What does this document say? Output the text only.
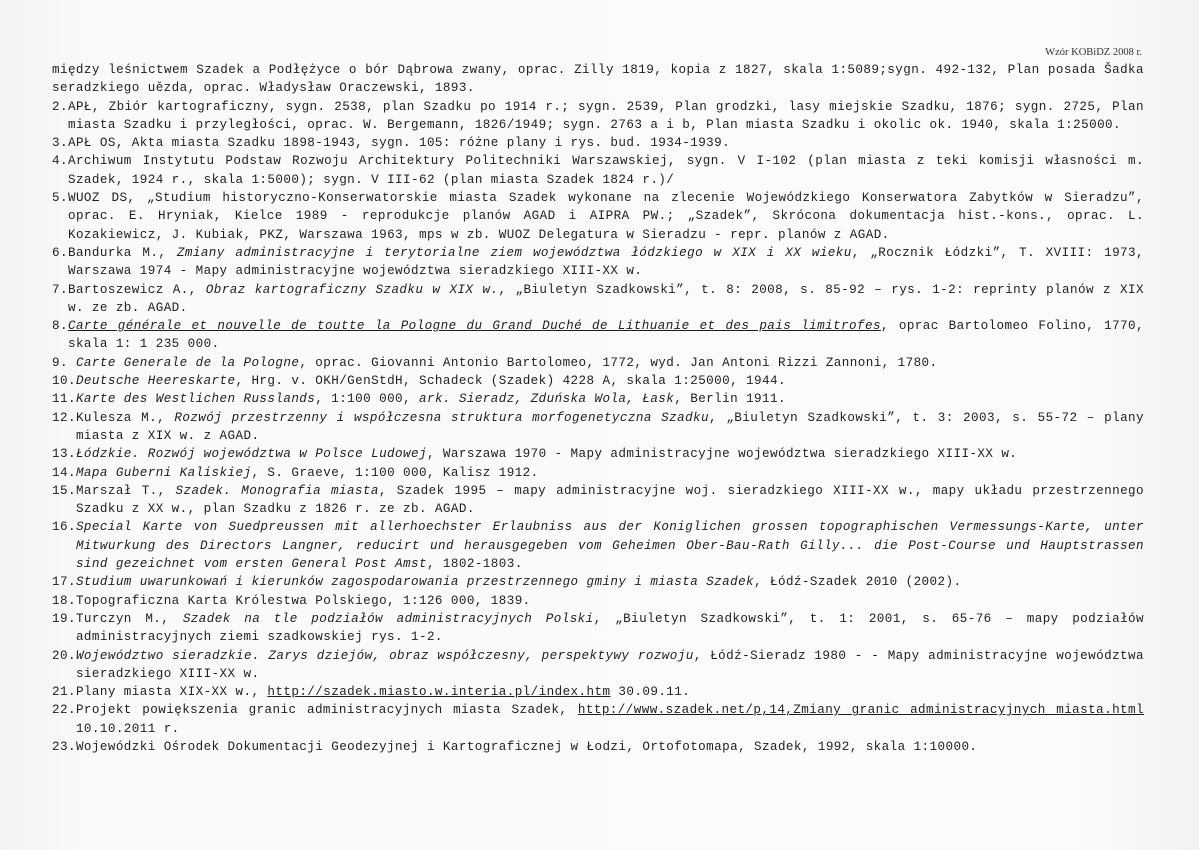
Wzór KOBiDZ 2008 r.
między leśnictwem Szadek a Podłężyce o bór Dąbrowa zwany, oprac. Zilly 1819, kopia z 1827, skala 1:5089;sygn. 492-132, Plan posada Šadka seradzkiego uězda, oprac. Władysław Oraczewski, 1893.
2. APŁ, Zbiór kartograficzny, sygn. 2538, plan Szadku po 1914 r.; sygn. 2539, Plan grodzki, lasy miejskie Szadku, 1876; sygn. 2725, Plan miasta Szadku i przyległości, oprac. W. Bergemann, 1826/1949; sygn. 2763 a i b, Plan miasta Szadku i okolic ok. 1940, skala 1:25000.
3. APŁ OS, Akta miasta Szadku 1898-1943, sygn. 105: różne plany i rys. bud. 1934-1939.
4. Archiwum Instytutu Podstaw Rozwoju Architektury Politechniki Warszawskiej, sygn. V I-102 (plan miasta z teki komisji własności m. Szadek, 1924 r., skala 1:5000); sygn. V III-62 (plan miasta Szadek 1824 r.)/
5. WUOZ DS, „Studium historyczno-Konserwatorskie miasta Szadek wykonane na zlecenie Wojewódzkiego Konserwatora Zabytków w Sieradzu”, oprac. E. Hryniak, Kielce 1989 - reprodukcje planów AGAD i AIPRA PW.; „Szadek”, Skrócona dokumentacja hist.-kons., oprac. L. Kozakiewicz, J. Kubiak, PKZ, Warszawa 1963, mps w zb. WUOZ Delegatura w Sieradzu - repr. planów z AGAD.
6. Bandurka M., Zmiany administracyjne i terytorialne ziem województwa łódzkiego w XIX i XX wieku, „Rocznik Łódzki”, T. XVIII: 1973, Warszawa 1974 - Mapy administracyjne województwa sieradzkiego XIII-XX w.
7. Bartoszewicz A., Obraz kartograficzny Szadku w XIX w., „Biuletyn Szadkowski”, t. 8: 2008, s. 85-92 – rys. 1-2: reprinty planów z XIX w. ze zb. AGAD.
8. Carte générale et nouvelle de toutte la Pologne du Grand Duché de Lithuanie et des pais limitrofes, oprac Bartolomeo Folino, 1770, skala 1: 1 235 000.
9. Carte Generale de la Pologne, oprac. Giovanni Antonio Bartolomeo, 1772, wyd. Jan Antoni Rizzi Zannoni, 1780.
10. Deutsche Heereskarte, Hrg. v. OKH/GenStdH, Schadeck (Szadek) 4228 A, skala 1:25000, 1944.
11. Karte des Westlichen Russlands, 1:100 000, ark. Sieradz, Zduńska Wola, Łask, Berlin 1911.
12. Kulesza M., Rozwój przestrzenny i współczesna struktura morfogenetyczna Szadku, „Biuletyn Szadkowski”, t. 3: 2003, s. 55-72 – plany miasta z XIX w. z AGAD.
13. Łódzkie. Rozwój województwa w Polsce Ludowej, Warszawa 1970 - Mapy administracyjne województwa sieradzkiego XIII-XX w.
14. Mapa Guberni Kaliskiej, S. Graeve, 1:100 000, Kalisz 1912.
15. Marszał T., Szadek. Monografia miasta, Szadek 1995 – mapy administracyjne woj. sieradzkiego XIII-XX w., mapy układu przestrzennego Szadku z XX w., plan Szadku z 1826 r. ze zb. AGAD.
16. Special Karte von Suedpreussen mit allerhoechster Erlaubniss aus der Koniglichen grossen topographischen Vermessungs-Karte, unter Mitwurkung des Directors Langner, reducirt und herausgegeben vom Geheimen Ober-Bau-Rath Gilly... die Post-Course und Hauptstrassen sind gezeichnet vom ersten General Post Amst, 1802-1803.
17. Studium uwarunkowań i kierunków zagospodarowania przestrzennego gminy i miasta Szadek, Łódź-Szadek 2010 (2002).
18. Topograficzna Karta Królestwa Polskiego, 1:126 000, 1839.
19. Turczyn M., Szadek na tle podziałów administracyjnych Polski, „Biuletyn Szadkowski”, t. 1: 2001, s. 65-76 – mapy podziałów administracyjnych ziemi szadkowskiej rys. 1-2.
20. Województwo sieradzkie. Zarys dziejów, obraz współczesny, perspektywy rozwoju, Łódź-Sieradz 1980 - - Mapy administracyjne województwa sieradzkiego XIII-XX w.
21. Plany miasta XIX-XX w., http://szadek.miasto.w.interia.pl/index.htm 30.09.11.
22. Projekt powiększenia granic administracyjnych miasta Szadek, http://www.szadek.net/p,14,Zmiany granic administracyjnych miasta.html 10.10.2011 r.
23. Wojewódzki Ośrodek Dokumentacji Geodezyjnej i Kartograficznej w Łodzi, Ortofotomapa, Szadek, 1992, skala 1:10000.
